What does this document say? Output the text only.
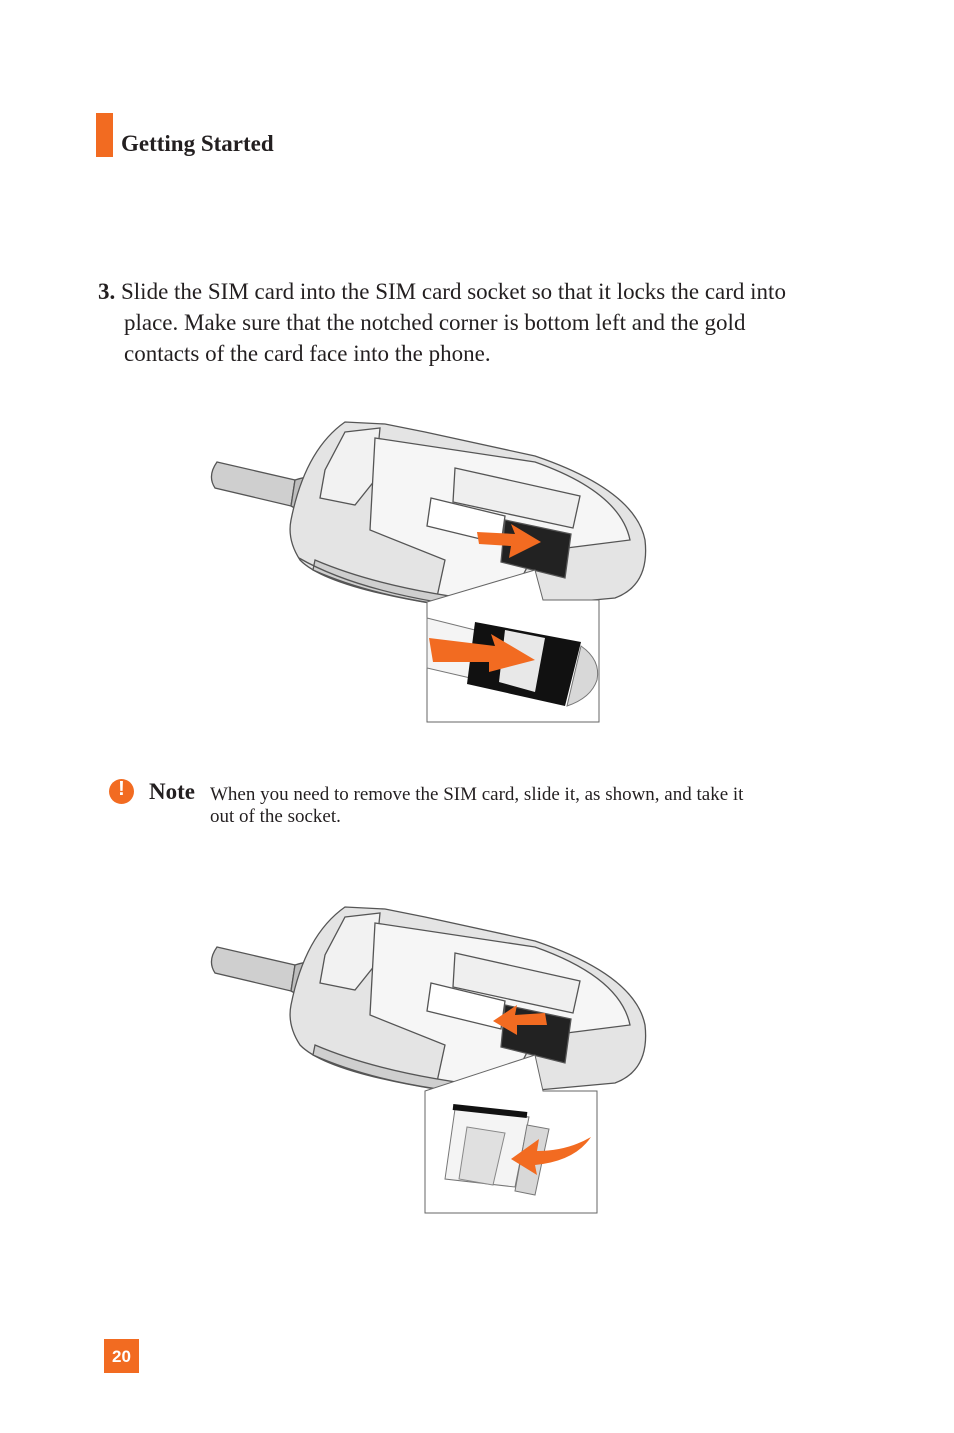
Getting Started
3. Slide the SIM card into the SIM card socket so that it locks the card into
place. Make sure that the notched corner is bottom left and the gold
contacts of the card face into the phone.
!
Note When you need to remove the SIM card, slide it, as shown, and take it
out of the socket.
20
